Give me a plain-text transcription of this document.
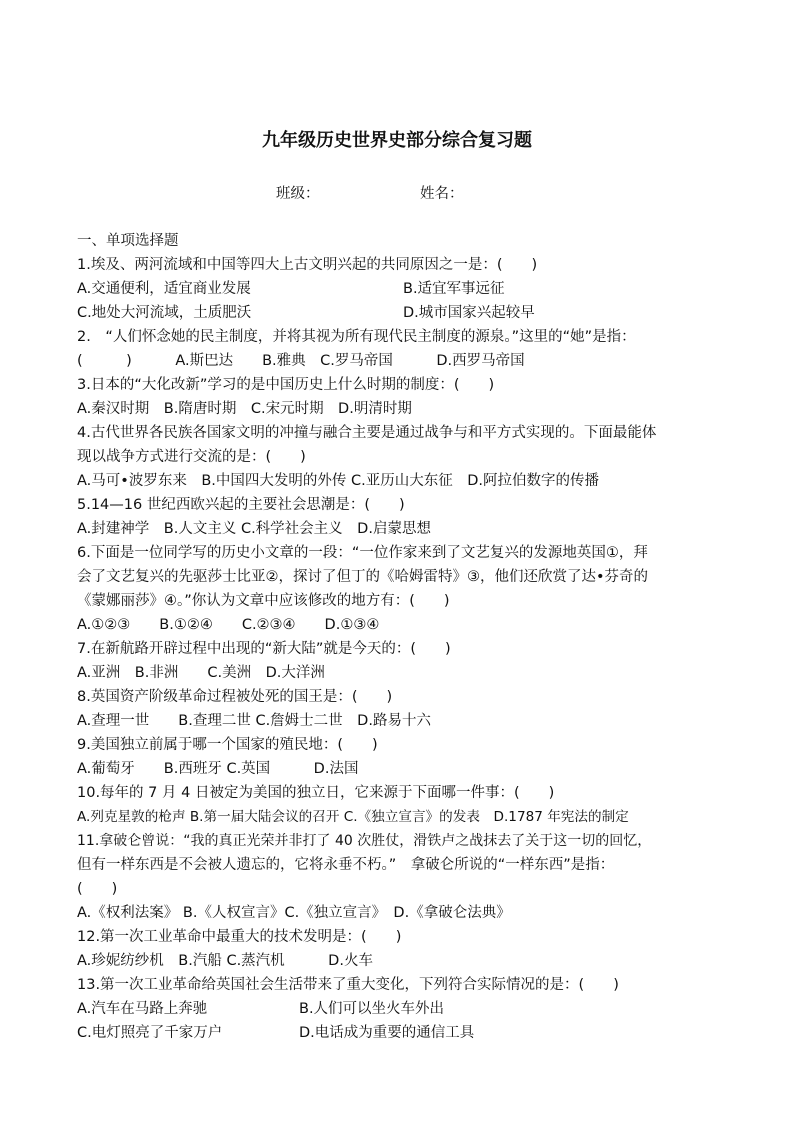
九年级历史世界史部分综合复习题
班级：	姓名：
一、单项选择题
1.埃及、两河流域和中国等四大上古文明兴起的共同原因之一是：(　　)
A.交通便利，适宜商业发展	B.适宜军事远征
C.地处大河流域，土质肥沃	D.城市国家兴起较早
2.　“人们怀念她的民主制度，并将其视为所有现代民主制度的源泉。”这里的“她”是指：
(　　　)　　　A.斯巴达　　B.雅典　C.罗马帝国　　　D.西罗马帝国
3.日本的“大化改新”学习的是中国历史上什么时期的制度：(　　)
A.秦汉时期　B.隋唐时期　C.宋元时期　D.明清时期
4.古代世界各民族各国家文明的冲撞与融合主要是通过战争与和平方式实现的。下面最能体
现以战争方式进行交流的是：(　　)
A.马可•波罗东来　B.中国四大发明的外传 C.亚历山大东征　D.阿拉伯数字的传播
5.14—16 世纪西欧兴起的主要社会思潮是：(　　)
A.封建神学　B.人文主义 C.科学社会主义　D.启蒙思想
6.下面是一位同学写的历史小文章的一段：“一位作家来到了文艺复兴的发源地英国①，拜
会了文艺复兴的先驱莎士比亚②，探讨了但丁的《哈姆雷特》③，他们还欣赏了达•芬奇的
《蒙娜丽莎》④。”你认为文章中应该修改的地方有：(　　)
A.①②③　　B.①②④　　C.②③④　　D.①③④
7.在新航路开辟过程中出现的“新大陆”就是今天的：(　　)
A.亚洲　B.非洲　　C.美洲　D.大洋洲
8.英国资产阶级革命过程被处死的国王是：(　　)
A.查理一世　　B.查理二世 C.詹姆士二世　D.路易十六
9.美国独立前属于哪一个国家的殖民地：(　　)
A.葡萄牙　　B.西班牙 C.英国　　　D.法国
10.每年的 7 月 4 日被定为美国的独立日，它来源于下面哪一件事：(　　)
A.列克星敦的枪声 B.第一届大陆会议的召开 C.《独立宣言》的发表　D.1787 年宪法的制定
11.拿破仑曾说：“我的真正光荣并非打了 40 次胜仗，滑铁卢之战抹去了关于这一切的回忆，
但有一样东西是不会被人遗忘的，它将永垂不朽。”　拿破仑所说的“一样东西”是指：
(　　)
A.《权利法案》 B.《人权宣言》C.《独立宣言》　D.《拿破仑法典》
12.第一次工业革命中最重大的技术发明是：(　　)
A.珍妮纺纱机　B.汽船 C.蒸汽机　　　D.火车
13.第一次工业革命给英国社会生活带来了重大变化，下列符合实际情况的是：(　　)
A.汽车在马路上奔驰	B.人们可以坐火车外出
C.电灯照亮了千家万户	D.电话成为重要的通信工具
